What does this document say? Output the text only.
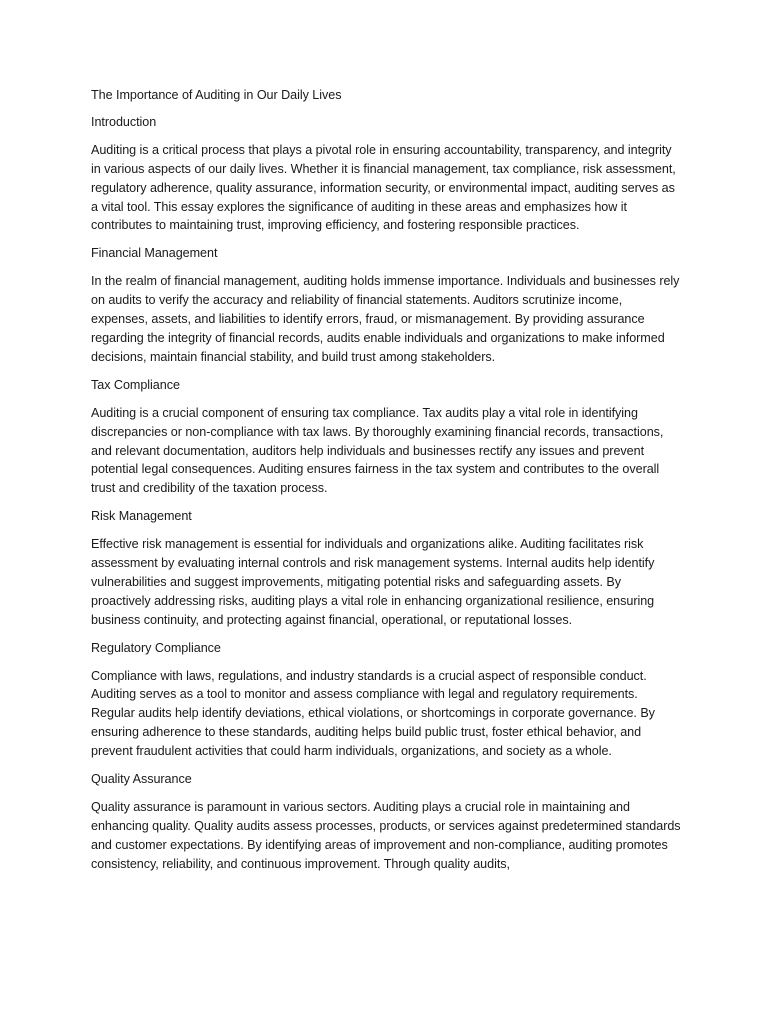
The Importance of Auditing in Our Daily Lives

Introduction

Auditing is a critical process that plays a pivotal role in ensuring accountability, transparency, and integrity in various aspects of our daily lives. Whether it is financial management, tax compliance, risk assessment, regulatory adherence, quality assurance, information security, or environmental impact, auditing serves as a vital tool. This essay explores the significance of auditing in these areas and emphasizes how it contributes to maintaining trust, improving efficiency, and fostering responsible practices.

Financial Management

In the realm of financial management, auditing holds immense importance. Individuals and businesses rely on audits to verify the accuracy and reliability of financial statements. Auditors scrutinize income, expenses, assets, and liabilities to identify errors, fraud, or mismanagement. By providing assurance regarding the integrity of financial records, audits enable individuals and organizations to make informed decisions, maintain financial stability, and build trust among stakeholders.

Tax Compliance

Auditing is a crucial component of ensuring tax compliance. Tax audits play a vital role in identifying discrepancies or non-compliance with tax laws. By thoroughly examining financial records, transactions, and relevant documentation, auditors help individuals and businesses rectify any issues and prevent potential legal consequences. Auditing ensures fairness in the tax system and contributes to the overall trust and credibility of the taxation process.

Risk Management

Effective risk management is essential for individuals and organizations alike. Auditing facilitates risk assessment by evaluating internal controls and risk management systems. Internal audits help identify vulnerabilities and suggest improvements, mitigating potential risks and safeguarding assets. By proactively addressing risks, auditing plays a vital role in enhancing organizational resilience, ensuring business continuity, and protecting against financial, operational, or reputational losses.

Regulatory Compliance

Compliance with laws, regulations, and industry standards is a crucial aspect of responsible conduct. Auditing serves as a tool to monitor and assess compliance with legal and regulatory requirements. Regular audits help identify deviations, ethical violations, or shortcomings in corporate governance. By ensuring adherence to these standards, auditing helps build public trust, foster ethical behavior, and prevent fraudulent activities that could harm individuals, organizations, and society as a whole.

Quality Assurance

Quality assurance is paramount in various sectors. Auditing plays a crucial role in maintaining and enhancing quality. Quality audits assess processes, products, or services against predetermined standards and customer expectations. By identifying areas of improvement and non-compliance, auditing promotes consistency, reliability, and continuous improvement. Through quality audits,
